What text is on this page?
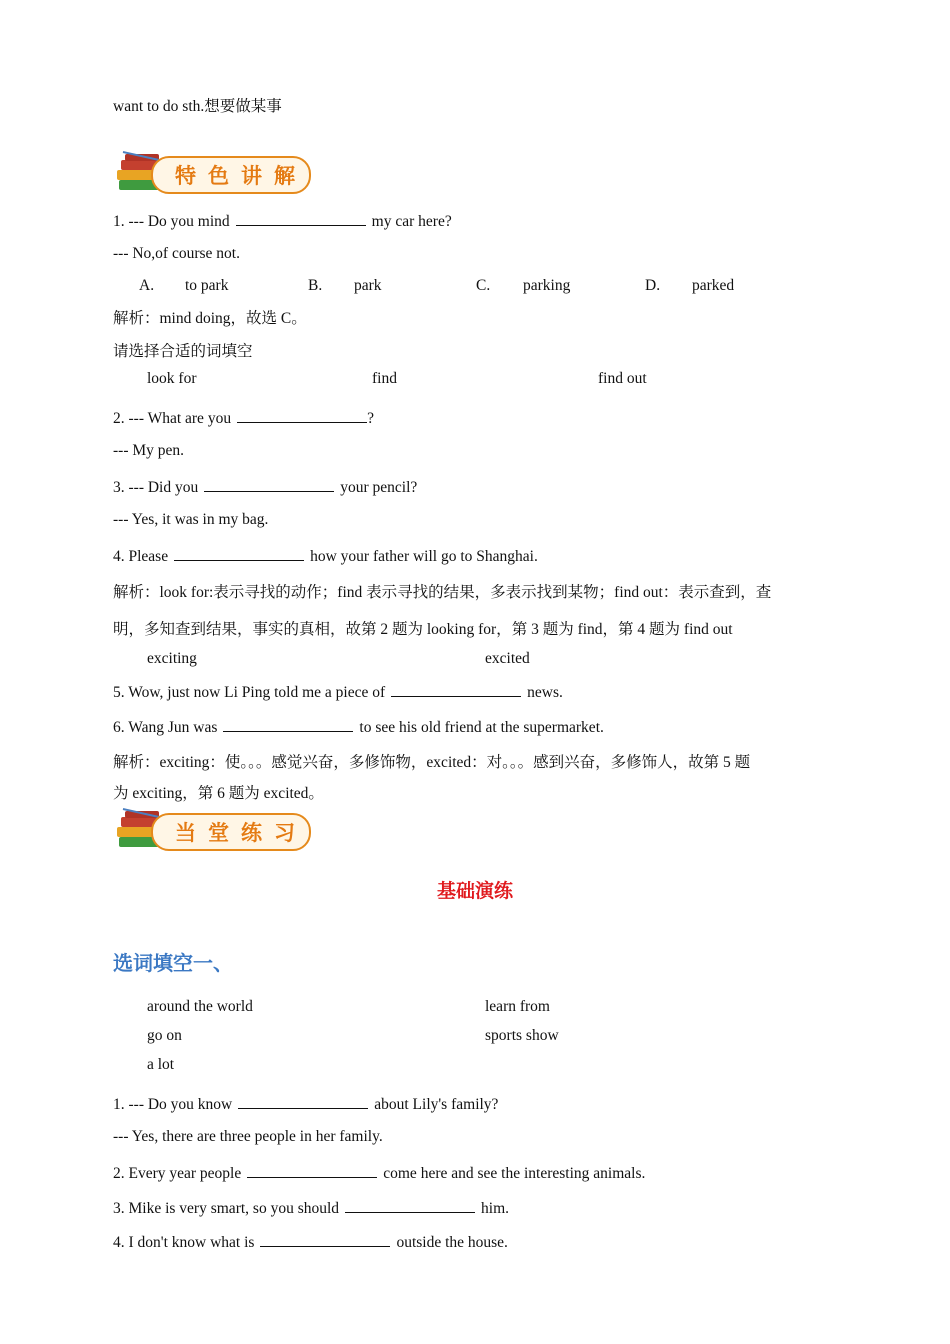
want to do sth.想要做某事
特色讲解
1. --- Do you mind	my car here?
--- No,of course not.
A. to park	B. park	C. parking	D. parked
解析：mind doing，故选 C。
请选择合适的词填空
look for	find	find out
2. --- What are you	?
--- My pen.
3. --- Did you	your pencil?
--- Yes, it was in my bag.
4. Please	how your father will go to Shanghai.
解析：look for:表示寻找的动作；find 表示寻找的结果，多表示找到某物；find out：表示查到，查
明，多知查到结果，事实的真相，故第 2 题为 looking for，第 3 题为 find，第 4 题为 find out
exciting	excited
5. Wow, just now Li Ping told me a piece of	news.
6. Wang Jun was	to see his old friend at the supermarket.
解析：exciting：使。。。感觉兴奋，多修饰物，excited：对。。。感到兴奋，多修饰人，故第 5 题
为 exciting，第 6 题为 excited。
当堂练习
基础演练
选词填空一、
around the world	learn from
go on	sports show
a lot
1. --- Do you know	about Lily's family?
--- Yes, there are three people in her family.
2. Every year people	come here and see the interesting animals.
3. Mike is very smart, so you should	him.
4. I don't know what is	outside the house.
